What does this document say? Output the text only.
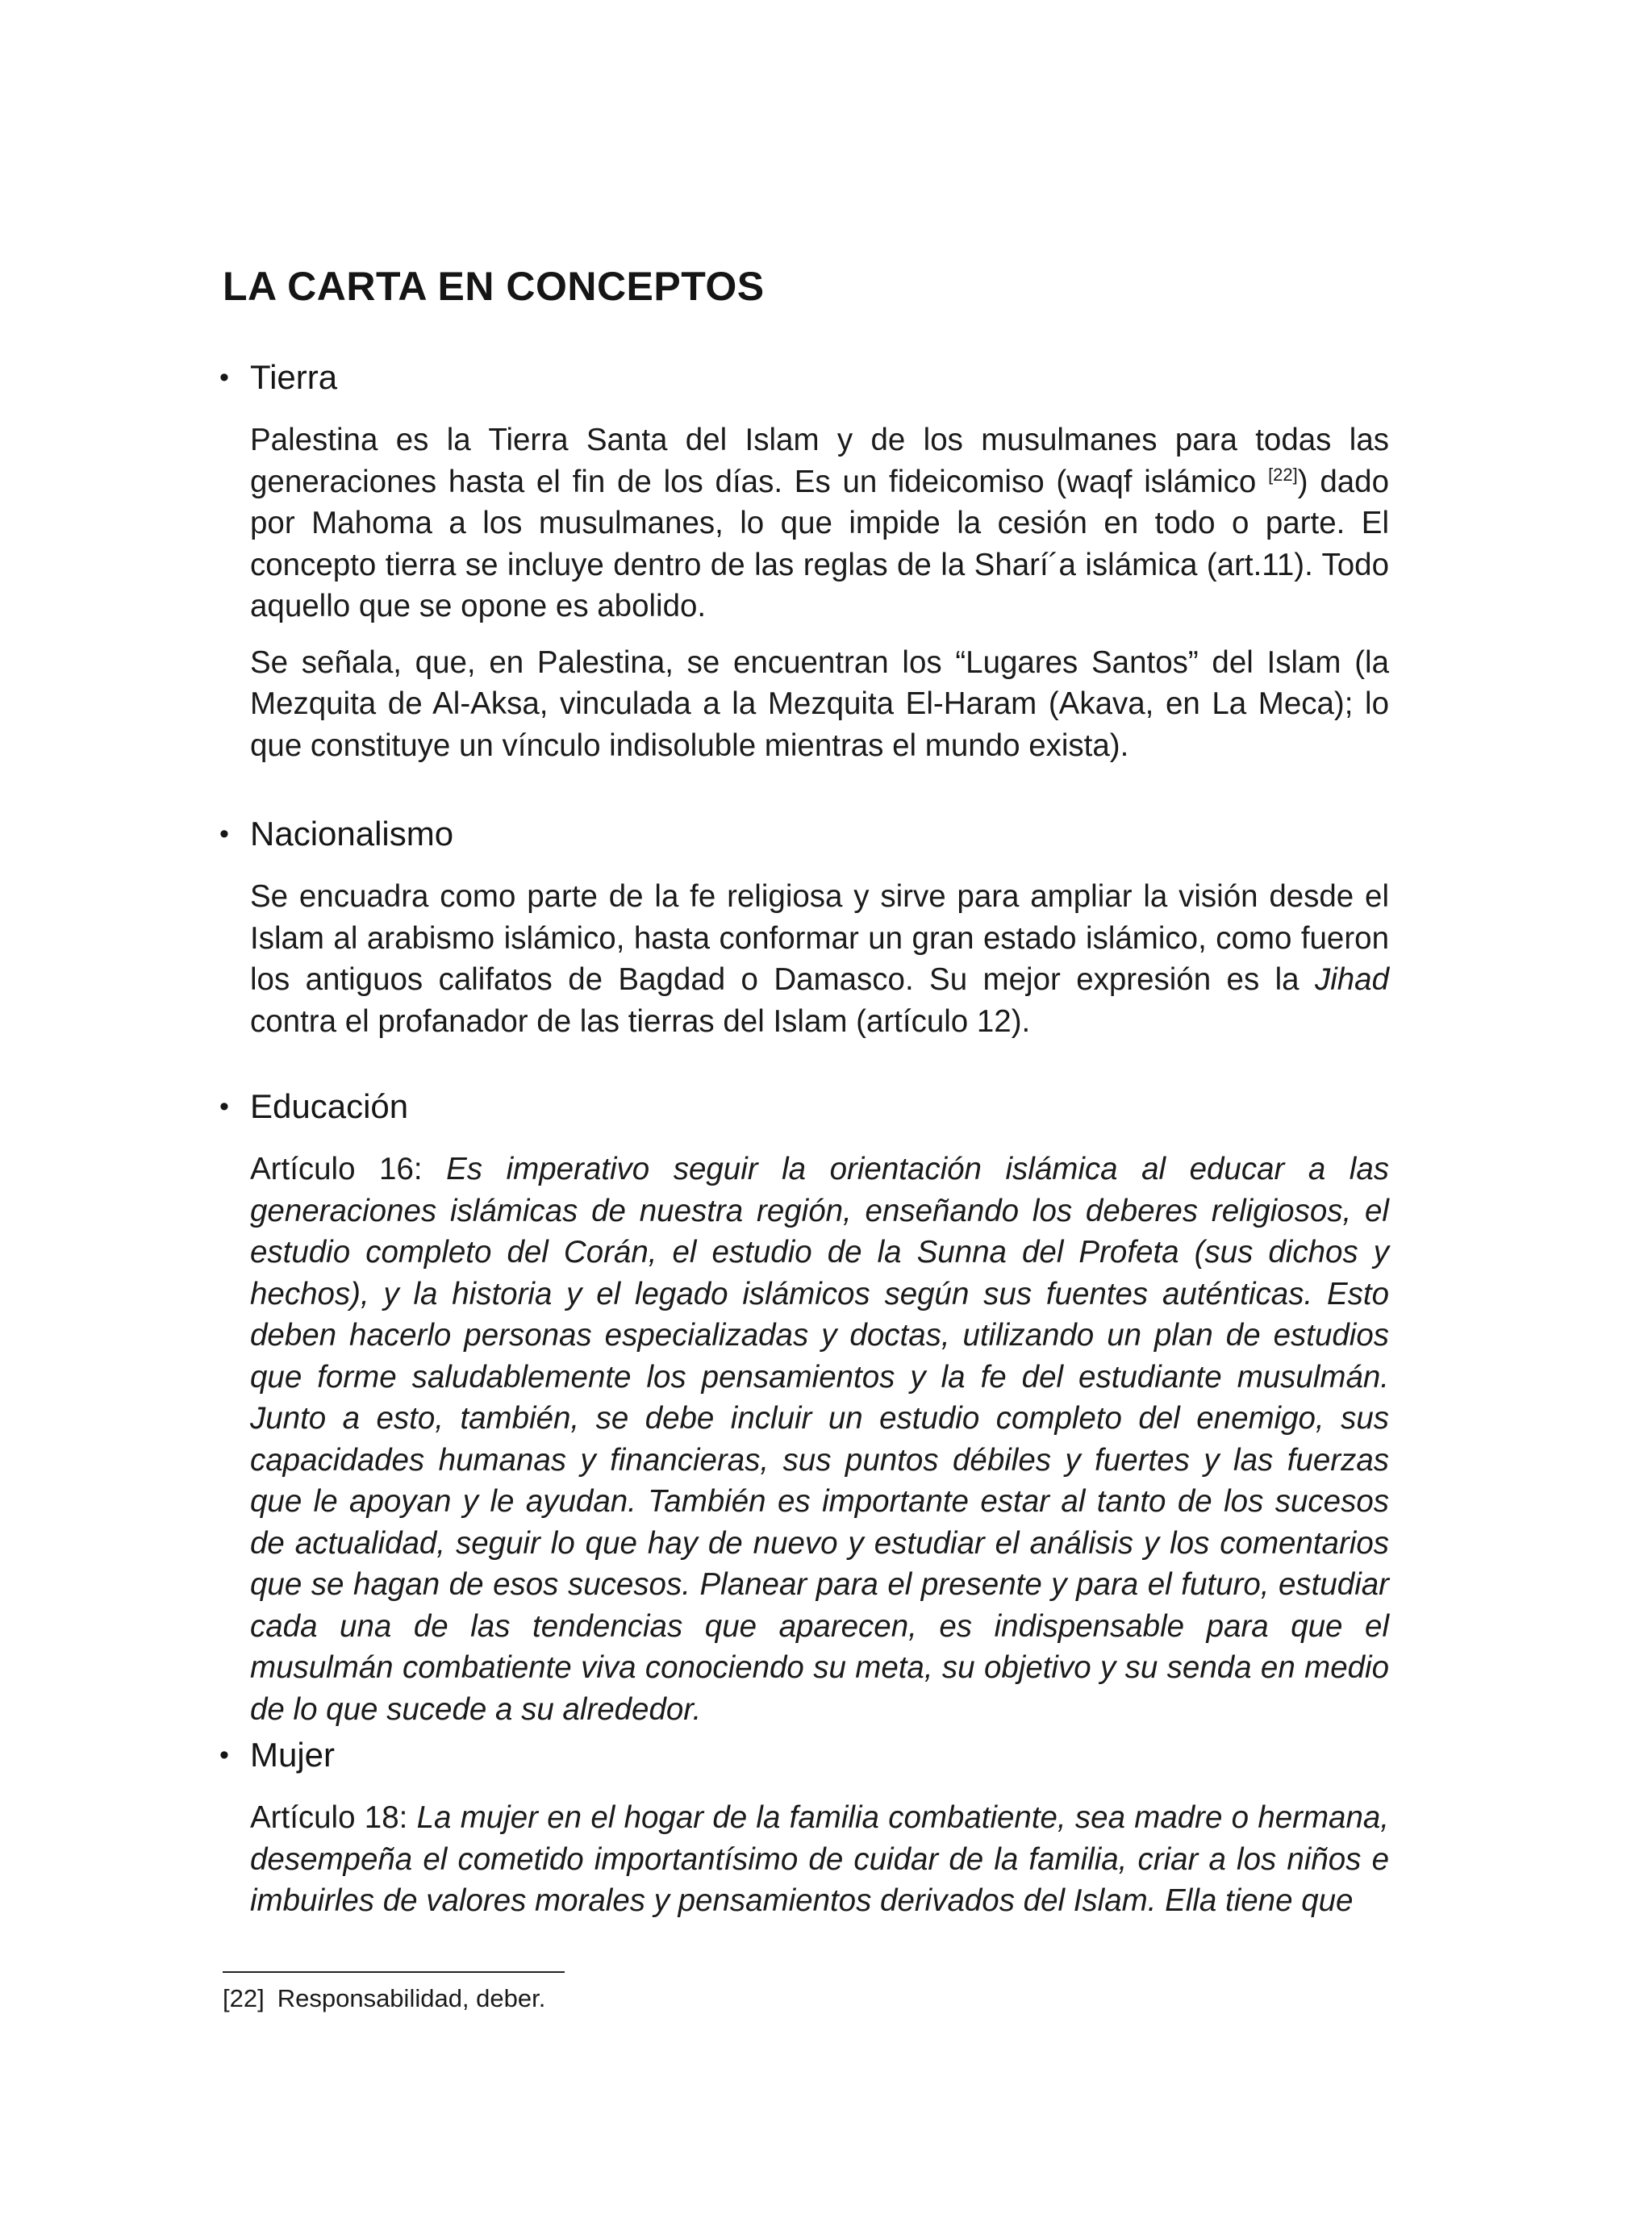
LA CARTA EN CONCEPTOS
• Tierra

Palestina es la Tierra Santa del Islam y de los musulmanes para todas las generaciones hasta el fin de los días. Es un fideicomiso (waqf islámico [22]) dado por Mahoma a los musulmanes, lo que impide la cesión en todo o parte. El concepto tierra se incluye dentro de las reglas de la Sharí´a islámica (art.11). Todo aquello que se opone es abolido.

Se señala, que, en Palestina, se encuentran los “Lugares Santos” del Islam (la Mezquita de Al-Aksa, vinculada a la Mezquita El-Haram (Akava, en La Meca); lo que constituye un vínculo indisoluble mientras el mundo exista).

• Nacionalismo

Se encuadra como parte de la fe religiosa y sirve para ampliar la visión desde el Islam al arabismo islámico, hasta conformar un gran estado islámico, como fueron los antiguos califatos de Bagdad o Damasco. Su mejor expresión es la Jihad contra el profanador de las tierras del Islam (artículo 12).

• Educación

Artículo 16: Es imperativo seguir la orientación islámica al educar a las generaciones islámicas de nuestra región, enseñando los deberes religiosos, el estudio completo del Corán, el estudio de la Sunna del Profeta (sus dichos y hechos), y la historia y el legado islámicos según sus fuentes auténticas. Esto deben hacerlo personas especializadas y doctas, utilizando un plan de estudios que forme saludablemente los pensamientos y la fe del estudiante musulmán. Junto a esto, también, se debe incluir un estudio completo del enemigo, sus capacidades humanas y financieras, sus puntos débiles y fuertes y las fuerzas que le apoyan y le ayudan. También es importante estar al tanto de los sucesos de actualidad, seguir lo que hay de nuevo y estudiar el análisis y los comentarios que se hagan de esos sucesos. Planear para el presente y para el futuro, estudiar cada una de las tendencias que aparecen, es indispensable para que el musulmán combatiente viva conociendo su meta, su objetivo y su senda en medio de lo que sucede a su alrededor.

• Mujer

Artículo 18: La mujer en el hogar de la familia combatiente, sea madre o hermana, desempeña el cometido importantísimo de cuidar de la familia, criar a los niños e imbuirles de valores morales y pensamientos derivados del Islam. Ella tiene que

[22] Responsabilidad, deber.
